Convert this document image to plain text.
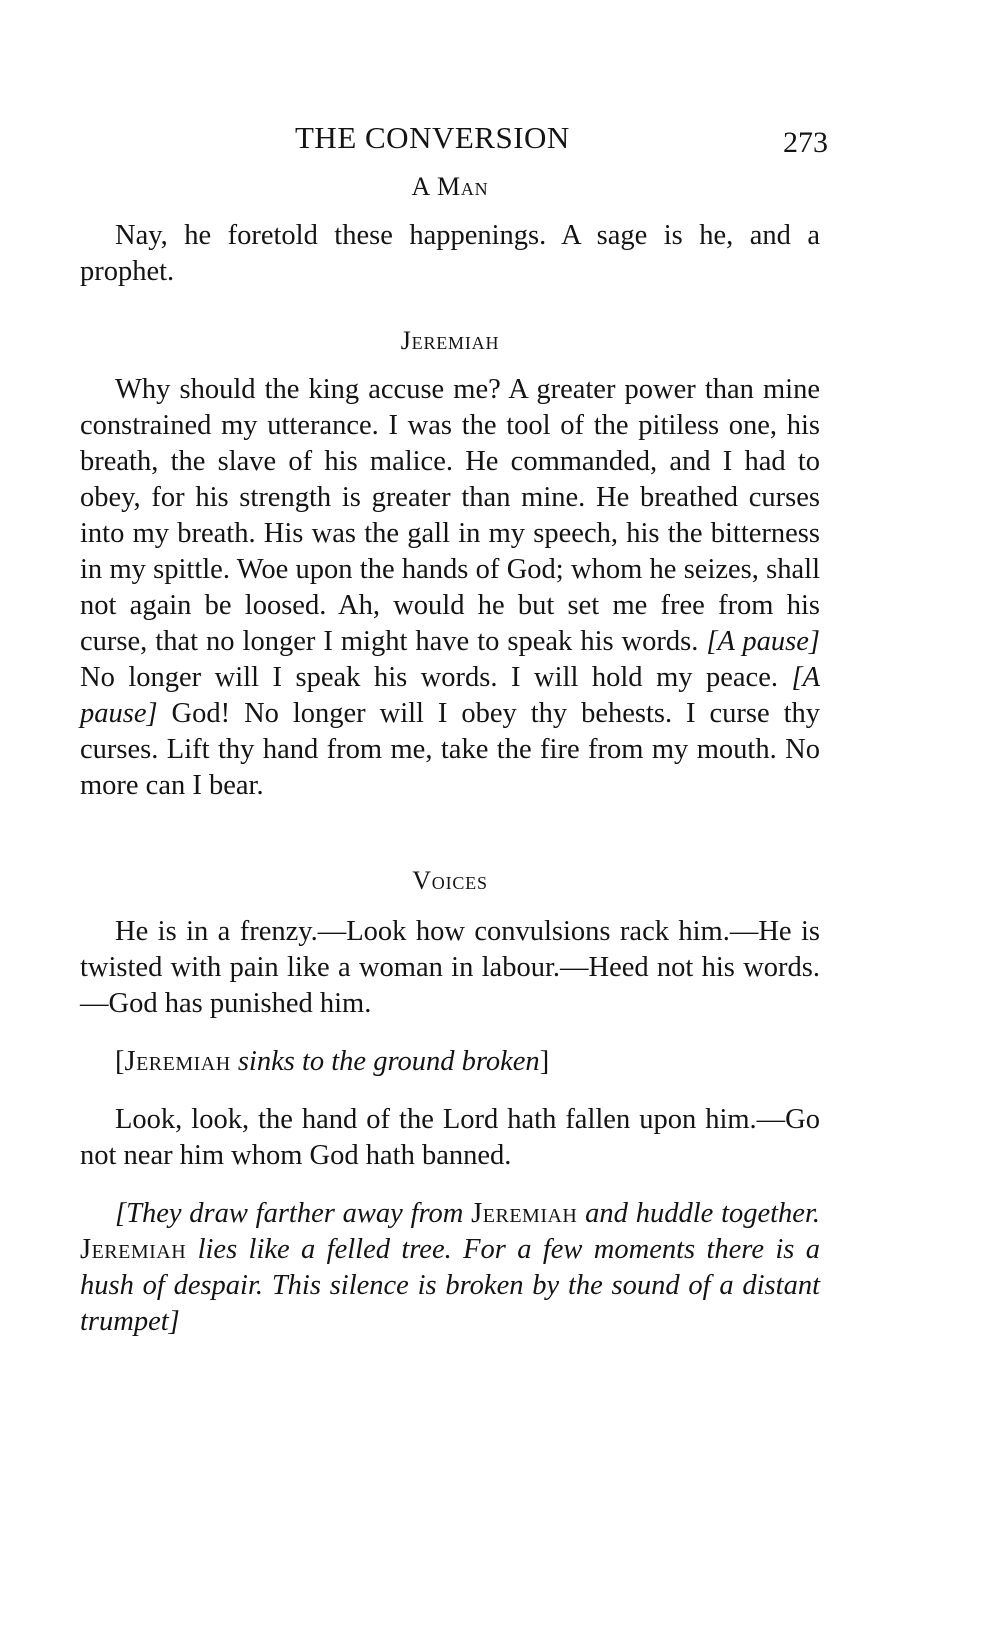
THE CONVERSION	273

A Man

Nay, he foretold these happenings. A sage is he, and a prophet.

Jeremiah

Why should the king accuse me? A greater power than mine constrained my utterance. I was the tool of the pitiless one, his breath, the slave of his malice. He commanded, and I had to obey, for his strength is greater than mine. He breathed curses into my breath. His was the gall in my speech, his the bitterness in my spittle. Woe upon the hands of God; whom he seizes, shall not again be loosed. Ah, would he but set me free from his curse, that no longer I might have to speak his words. [A pause] No longer will I speak his words. I will hold my peace. [A pause] God! No longer will I obey thy behests. I curse thy curses. Lift thy hand from me, take the fire from my mouth. No more can I bear.

Voices

He is in a frenzy.—Look how convulsions rack him.—He is twisted with pain like a woman in labour.—Heed not his words.—God has punished him.

[Jeremiah sinks to the ground broken]

Look, look, the hand of the Lord hath fallen upon him.—Go not near him whom God hath banned.

[They draw farther away from Jeremiah and huddle together. Jeremiah lies like a felled tree. For a few moments there is a hush of despair. This silence is broken by the sound of a distant trumpet]
